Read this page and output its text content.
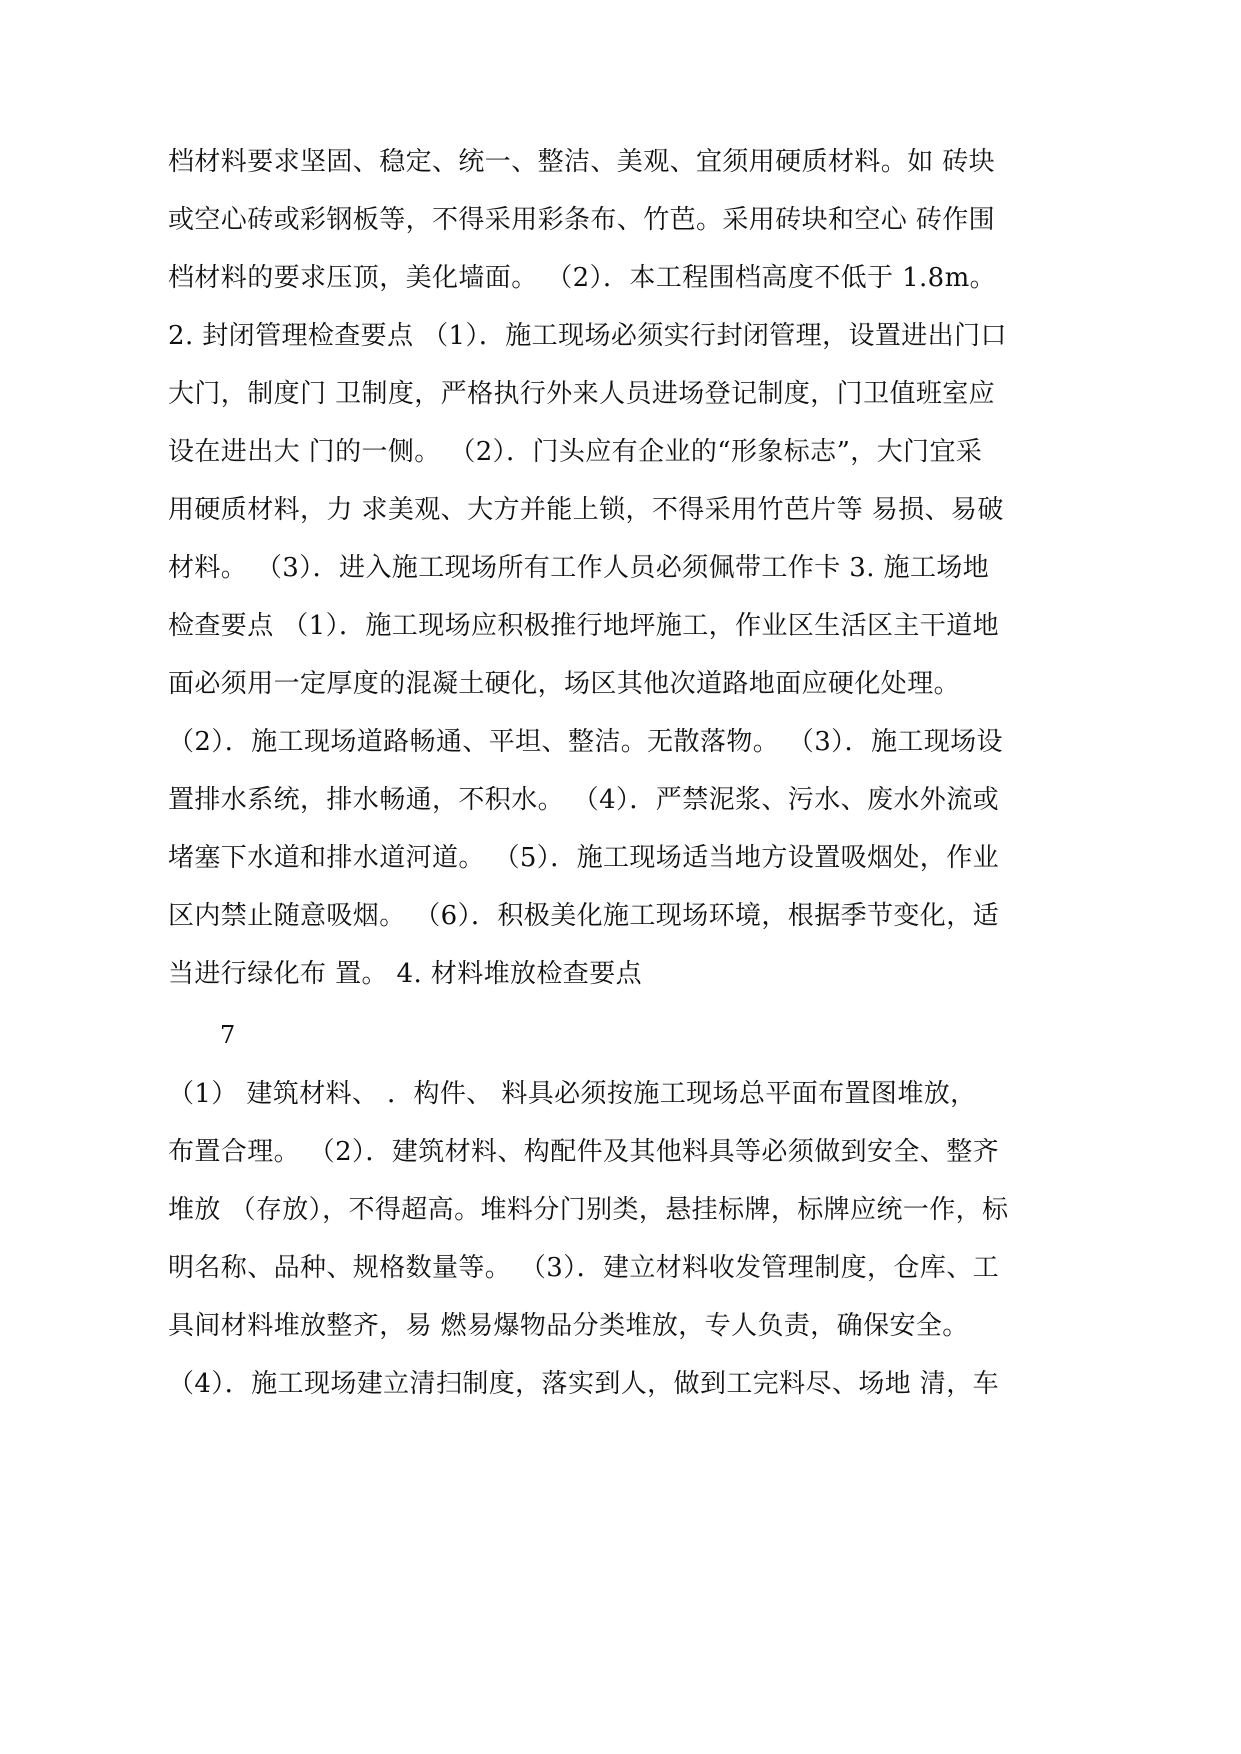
档材料要求坚固、稳定、统一、整洁、美观、宜须用硬质材料。如 砖块
或空心砖或彩钢板等，不得采用彩条布、竹芭。采用砖块和空心 砖作围
档材料的要求压顶，美化墙面。 （2）．本工程围档高度不低于 1.8m。
2. 封闭管理检查要点 （1）．施工现场必须实行封闭管理，设置进出门口
大门，制度门 卫制度，严格执行外来人员进场登记制度，门卫值班室应
设在进出大 门的一侧。 （2）．门头应有企业的“形象标志”，大门宜采
用硬质材料，力 求美观、大方并能上锁，不得采用竹芭片等 易损、易破
材料。 （3）．进入施工现场所有工作人员必须佩带工作卡 3. 施工场地
检查要点 （1）．施工现场应积极推行地坪施工，作业区生活区主干道地
面必须用一定厚度的混凝土硬化，场区其他次道路地面应硬化处理。
（2）．施工现场道路畅通、平坦、整洁。无散落物。 （3）．施工现场设
置排水系统，排水畅通，不积水。 （4）．严禁泥浆、污水、废水外流或
堵塞下水道和排水道河道。 （5）．施工现场适当地方设置吸烟处，作业
区内禁止随意吸烟。 （6）．积极美化施工现场环境，根据季节变化，适
当进行绿化布 置。 4. 材料堆放检查要点
7
（1） 建筑材料、 ．构件、 料具必须按施工现场总平面布置图堆放，
布置合理。 （2）．建筑材料、构配件及其他料具等必须做到安全、整齐
堆放 （存放），不得超高。堆料分门别类，悬挂标牌，标牌应统一作，标
明名称、品种、规格数量等。 （3）．建立材料收发管理制度，仓库、工
具间材料堆放整齐，易 燃易爆物品分类堆放，专人负责，确保安全。
（4）．施工现场建立清扫制度，落实到人，做到工完料尽、场地 清，车
